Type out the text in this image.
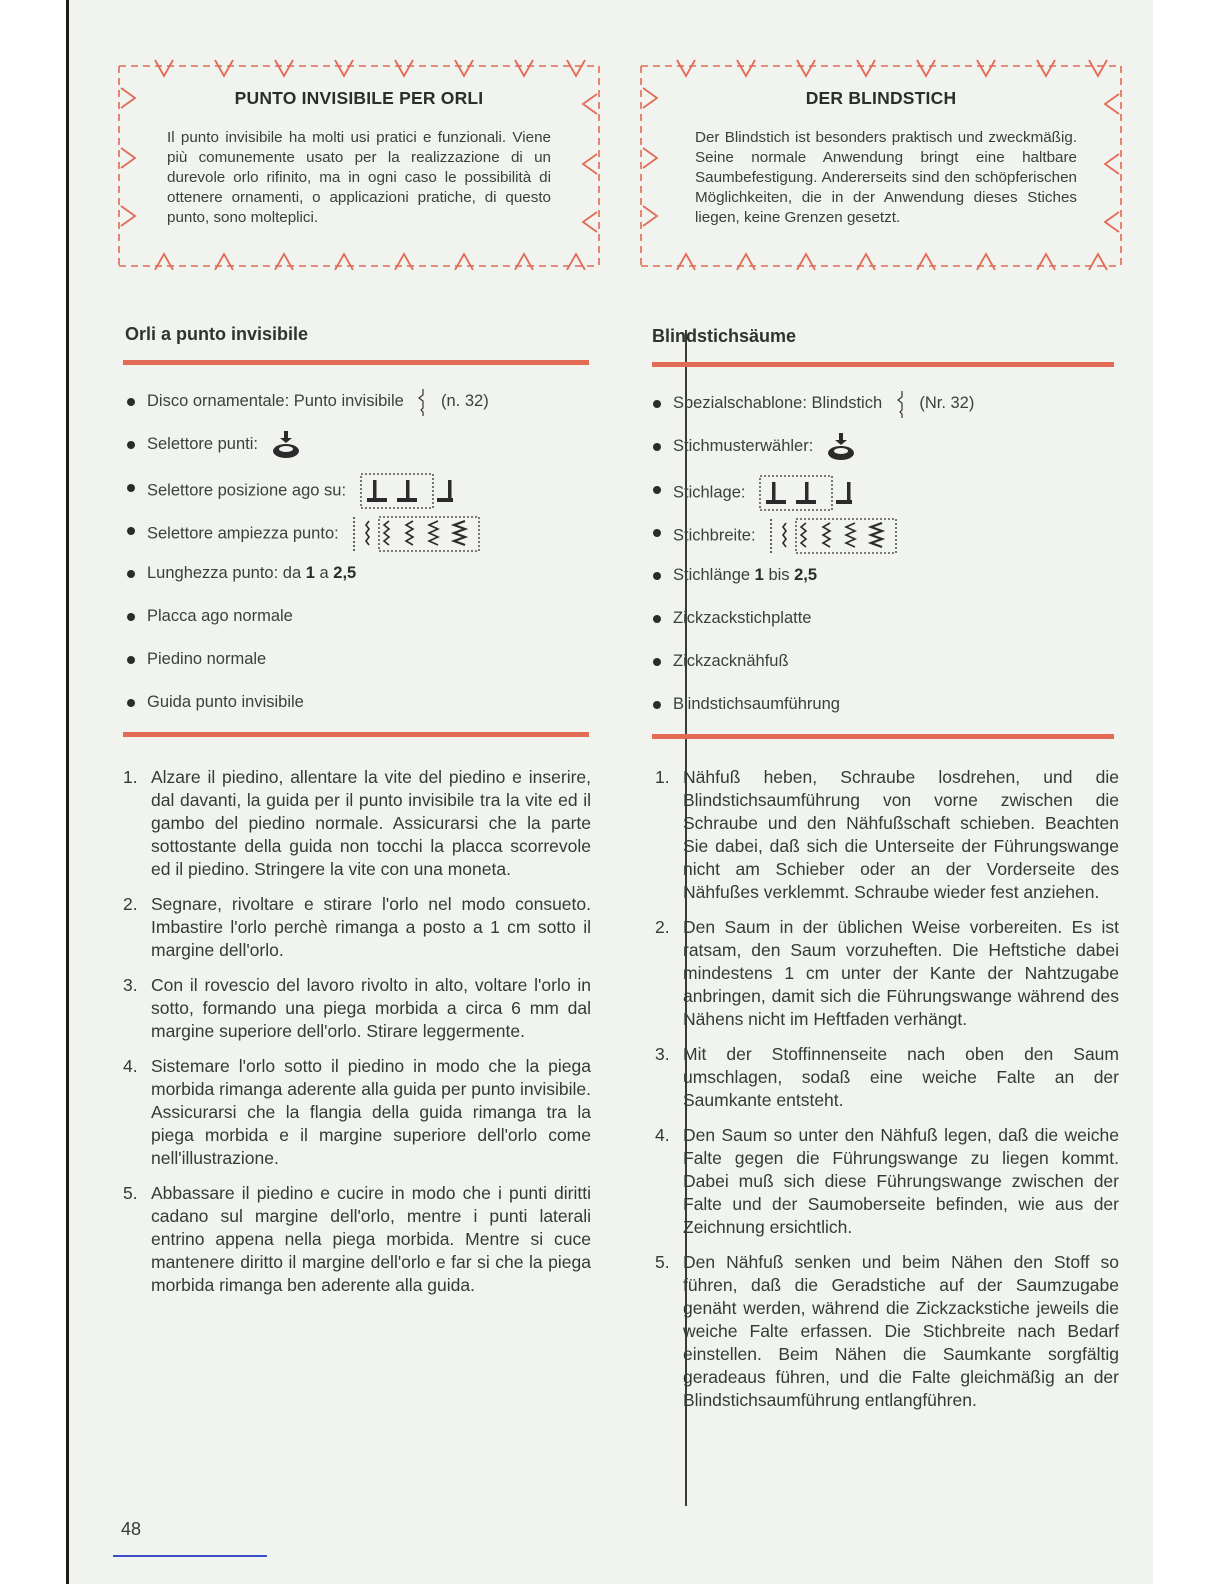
PUNTO INVISIBILE PER ORLI
Il punto invisibile ha molti usi pratici e funzionali. Viene più comunemente usato per la realizzazione di un durevole orlo rifinito, ma in ogni caso le possibilità di ottenere ornamenti, o applicazioni pratiche, di questo punto, sono molteplici.
Orli a punto invisibile
Disco ornamentale: Punto invisibile (n. 32)
Selettore punti:
Selettore posizione ago su:
Selettore ampiezza punto:
Lunghezza punto: da 1 a 2,5
Placca ago normale
Piedino normale
Guida punto invisibile
1. Alzare il piedino, allentare la vite del piedino e inserire, dal davanti, la guida per il punto invisibile tra la vite ed il gambo del piedino normale. Assicurarsi che la parte sottostante della guida non tocchi la placca scorrevole ed il piedino. Stringere la vite con una moneta.
2. Segnare, rivoltare e stirare l'orlo nel modo consueto. Imbastire l'orlo perchè rimanga a posto a 1 cm sotto il margine dell'orlo.
3. Con il rovescio del lavoro rivolto in alto, voltare l'orlo in sotto, formando una piega morbida a circa 6 mm dal margine superiore dell'orlo. Stirare leggermente.
4. Sistemare l'orlo sotto il piedino in modo che la piega morbida rimanga aderente alla guida per punto invisibile. Assicurarsi che la flangia della guida rimanga tra la piega morbida e il margine superiore dell'orlo come nell'illustrazione.
5. Abbassare il piedino e cucire in modo che i punti diritti cadano sul margine dell'orlo, mentre i punti laterali entrino appena nella piega morbida. Mentre si cuce mantenere diritto il margine dell'orlo e far si che la piega morbida rimanga ben aderente alla guida.
DER BLINDSTICH
Der Blindstich ist besonders praktisch und zweckmäßig. Seine normale Anwendung bringt eine haltbare Saumbefestigung. Andererseits sind den schöpferischen Möglichkeiten, die in der Anwendung dieses Stiches liegen, keine Grenzen gesetzt.
Blindstichsäume
Spezialschablone: Blindstich (Nr. 32)
Stichmusterwähler:
Stichlage:
Stichbreite:
Stichlänge 1 bis 2,5
Zickzackstichplatte
Zickzacknähfuß
Blindstichsaumführung
1. Nähfuß heben, Schraube losdrehen, und die Blindstichsaumführung von vorne zwischen die Schraube und den Nähfußschaft schieben. Beachten Sie dabei, daß sich die Unterseite der Führungswange nicht am Schieber oder an der Vorderseite des Nähfußes verklemmt. Schraube wieder fest anziehen.
2. Den Saum in der üblichen Weise vorbereiten. Es ist ratsam, den Saum vorzuheften. Die Heftstiche dabei mindestens 1 cm unter der Kante der Nahtzugabe anbringen, damit sich die Führungswange während des Nähens nicht im Heftfaden verhängt.
3. Mit der Stoffinnenseite nach oben den Saum umschlagen, sodaß eine weiche Falte an der Saumkante entsteht.
4. Den Saum so unter den Nähfuß legen, daß die weiche Falte gegen die Führungswange zu liegen kommt. Dabei muß sich diese Führungswange zwischen der Falte und der Saumoberseite befinden, wie aus der Zeichnung ersichtlich.
5. Den Nähfuß senken und beim Nähen den Stoff so führen, daß die Geradstiche auf der Saumzugabe genäht werden, während die Zickzackstiche jeweils die weiche Falte erfassen. Die Stichbreite nach Bedarf einstellen. Beim Nähen die Saumkante sorgfältig geradeaus führen, und die Falte gleichmäßig an der Blindstichsaumführung entlangführen.
48
